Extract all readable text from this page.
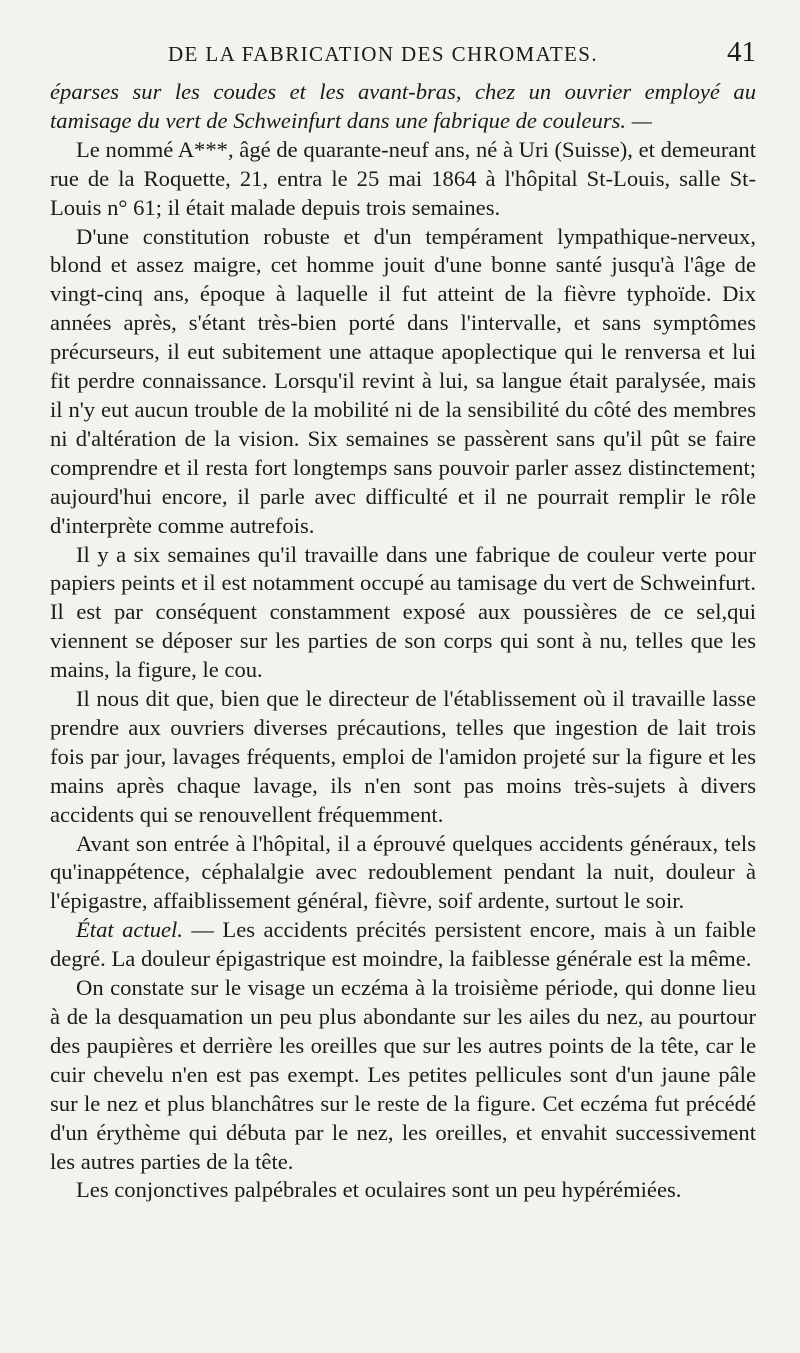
DE LA FABRICATION DES CHROMATES.	41

éparses sur les coudes et les avant-bras, chez un ouvrier employé au tamisage du vert de Schweinfurt dans une fabrique de couleurs. —

Le nommé A***, âgé de quarante-neuf ans, né à Uri (Suisse), et demeurant rue de la Roquette, 21, entra le 25 mai 1864 à l'hôpital St-Louis, salle St-Louis n° 61; il était malade depuis trois semaines.

D'une constitution robuste et d'un tempérament lympathique-nerveux, blond et assez maigre, cet homme jouit d'une bonne santé jusqu'à l'âge de vingt-cinq ans, époque à laquelle il fut atteint de la fièvre typhoïde. Dix années après, s'étant très-bien porté dans l'intervalle, et sans symptômes précurseurs, il eut subitement une attaque apoplectique qui le renversa et lui fit perdre connaissance. Lorsqu'il revint à lui, sa langue était paralysée, mais il n'y eut aucun trouble de la mobilité ni de la sensibilité du côté des membres ni d'altération de la vision. Six semaines se passèrent sans qu'il pût se faire comprendre et il resta fort longtemps sans pouvoir parler assez distinctement; aujourd'hui encore, il parle avec difficulté et il ne pourrait remplir le rôle d'interprète comme autrefois.

Il y a six semaines qu'il travaille dans une fabrique de couleur verte pour papiers peints et il est notamment occupé au tamisage du vert de Schweinfurt. Il est par conséquent constamment exposé aux poussières de ce sel,qui viennent se déposer sur les parties de son corps qui sont à nu, telles que les mains, la figure, le cou.

Il nous dit que, bien que le directeur de l'établissement où il travaille lasse prendre aux ouvriers diverses précautions, telles que ingestion de lait trois fois par jour, lavages fréquents, emploi de l'amidon projeté sur la figure et les mains après chaque lavage, ils n'en sont pas moins très-sujets à divers accidents qui se renouvellent fréquemment.

Avant son entrée à l'hôpital, il a éprouvé quelques accidents généraux, tels qu'inappétence, céphalalgie avec redoublement pendant la nuit, douleur à l'épigastre, affaiblissement général, fièvre, soif ardente, surtout le soir.

État actuel. — Les accidents précités persistent encore, mais à un faible degré. La douleur épigastrique est moindre, la faiblesse générale est la même.

On constate sur le visage un eczéma à la troisième période, qui donne lieu à de la desquamation un peu plus abondante sur les ailes du nez, au pourtour des paupières et derrière les oreilles que sur les autres points de la tête, car le cuir chevelu n'en est pas exempt. Les petites pellicules sont d'un jaune pâle sur le nez et plus blanchâtres sur le reste de la figure. Cet eczéma fut précédé d'un érythème qui débuta par le nez, les oreilles, et envahit successivement les autres parties de la tête.

Les conjonctives palpébrales et oculaires sont un peu hypérémiées.
